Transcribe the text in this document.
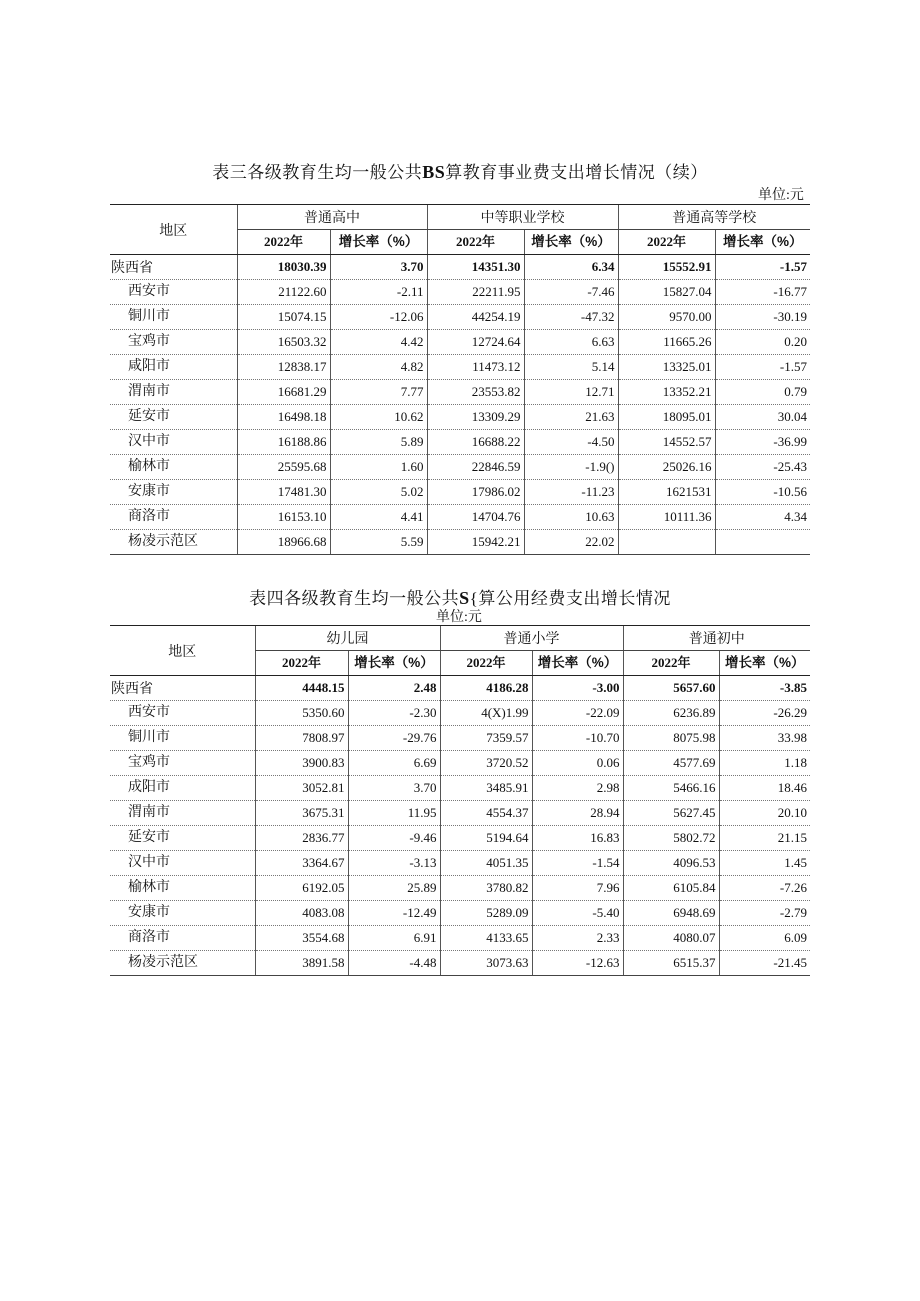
表三各级教育生均一般公共BS算教育事业费支出增长情况（续）
单位:元
地区	普通高中		中等职业学校		普通高等学校	
	2022年	增长率（%）	2022年	增长率（%）	2022年	增长率（%）
陕西省	18030.39	3.70	14351.30	6.34	15552.91	-1.57
西安市	21122.60	-2.11	22211.95	-7.46	15827.04	-16.77
铜川市	15074.15	-12.06	44254.19	-47.32	9570.00	-30.19
宝鸡市	16503.32	4.42	12724.64	6.63	11665.26	0.20
咸阳市	12838.17	4.82	11473.12	5.14	13325.01	-1.57
渭南市	16681.29	7.77	23553.82	12.71	13352.21	0.79
延安市	16498.18	10.62	13309.29	21.63	18095.01	30.04
汉中市	16188.86	5.89	16688.22	-4.50	14552.57	-36.99
榆林市	25595.68	1.60	22846.59	-1.9()	25026.16	-25.43
安康市	17481.30	5.02	17986.02	-11.23	1621531	-10.56
商洛市	16153.10	4.41	14704.76	10.63	10111.36	4.34
杨凌示范区	18966.68	5.59	15942.21	22.02		
表四各级教育生均一般公共S{算公用经费支出增长情况
单位:元
地区	幼儿园		普通小学		普通初中	
	2022年	增长率（%）	2022年	增长率（%）	2022年	增长率（%）
陕西省	4448.15	2.48	4186.28	-3.00	5657.60	-3.85
西安市	5350.60	-2.30	4(X)1.99	-22.09	6236.89	-26.29
铜川市	7808.97	-29.76	7359.57	-10.70	8075.98	33.98
宝鸡市	3900.83	6.69	3720.52	0.06	4577.69	1.18
成阳市	3052.81	3.70	3485.91	2.98	5466.16	18.46
渭南市	3675.31	11.95	4554.37	28.94	5627.45	20.10
延安市	2836.77	-9.46	5194.64	16.83	5802.72	21.15
汉中市	3364.67	-3.13	4051.35	-1.54	4096.53	1.45
榆林市	6192.05	25.89	3780.82	7.96	6105.84	-7.26
安康市	4083.08	-12.49	5289.09	-5.40	6948.69	-2.79
商洛市	3554.68	6.91	4133.65	2.33	4080.07	6.09
杨凌示范区	3891.58	-4.48	3073.63	-12.63	6515.37	-21.45
